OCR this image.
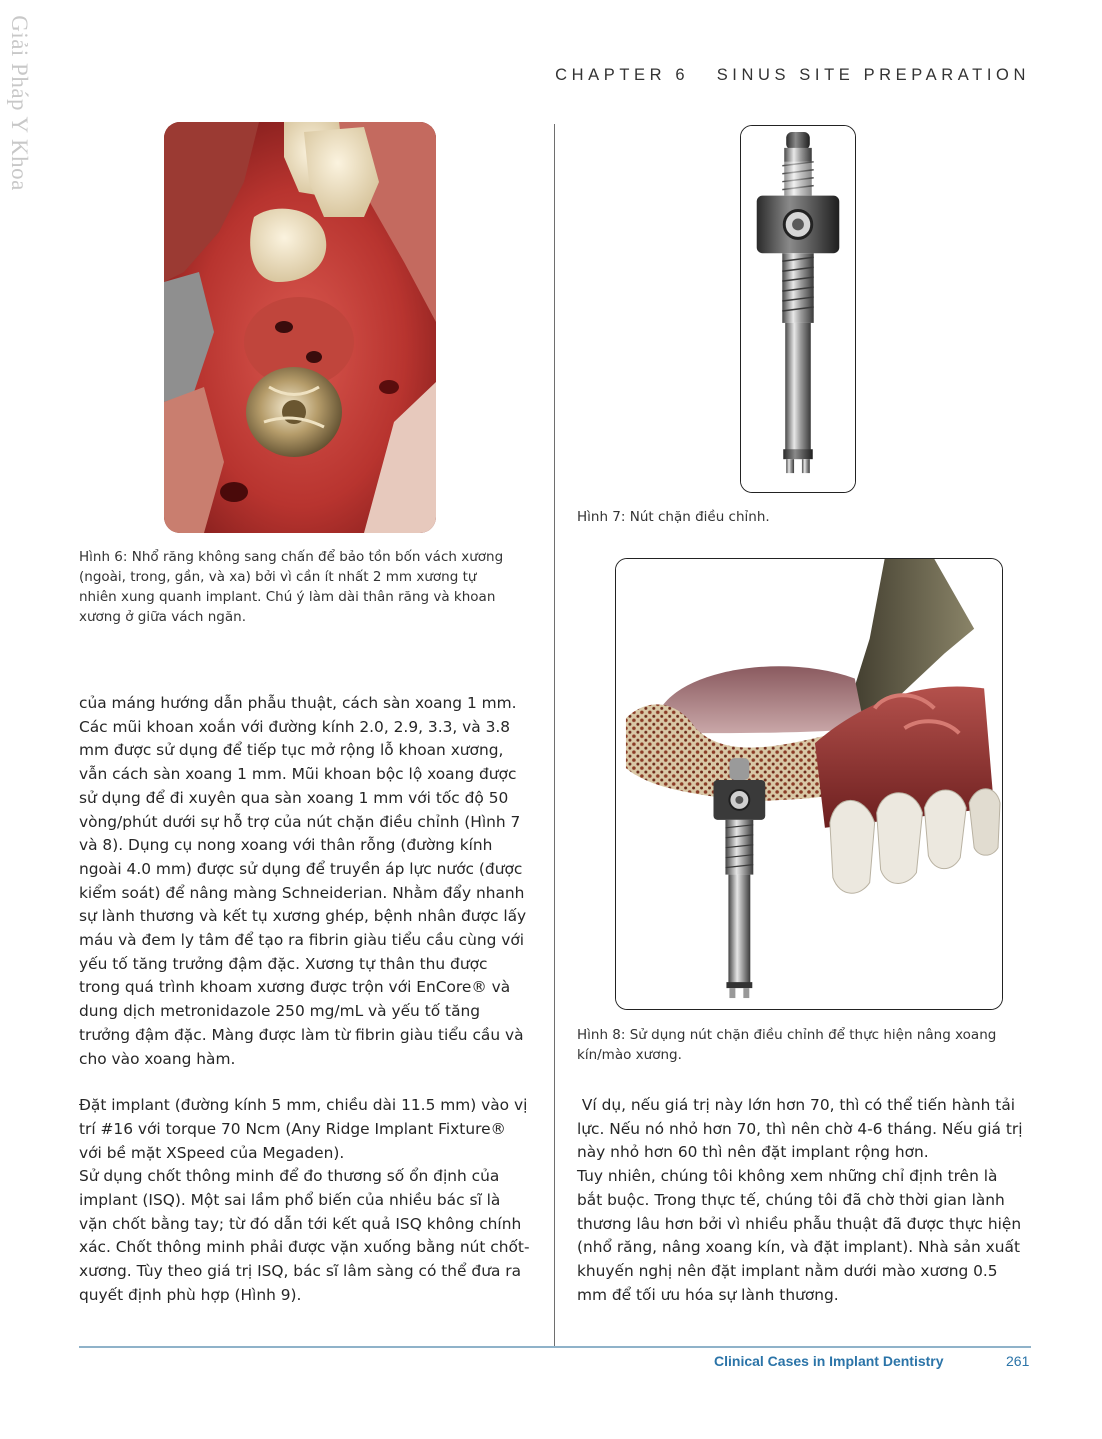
Giải Pháp Y Khoa	CHAPTER 6   SINUS SITE PREPARATION
Hình 6: Nhổ răng không sang chấn để bảo tồn bốn vách xương (ngoài, trong, gần, và xa) bởi vì cần ít nhất 2 mm xương tự nhiên xung quanh implant. Chú ý làm dài thân răng và khoan xương ở giữa vách ngăn.
Hình 7: Nút chặn điều chỉnh.
Hình 8: Sử dụng nút chặn điều chỉnh để thực hiện nâng xoang kín/mào xương.

của máng hướng dẫn phẫu thuật, cách sàn xoang 1 mm. Các mũi khoan xoắn với đường kính 2.0, 2.9, 3.3, và 3.8 mm được sử dụng để tiếp tục mở rộng lỗ khoan xương, vẫn cách sàn xoang 1 mm. Mũi khoan bộc lộ xoang được sử dụng để đi xuyên qua sàn xoang 1 mm với tốc độ 50 vòng/phút dưới sự hỗ trợ của nút chặn điều chỉnh (Hình 7 và 8). Dụng cụ nong xoang với thân rỗng (đường kính ngoài 4.0 mm) được sử dụng để truyền áp lực nước (được kiểm soát) để nâng màng Schneiderian. Nhằm đẩy nhanh sự lành thương và kết tụ xương ghép, bệnh nhân được lấy máu và đem ly tâm để tạo ra fibrin giàu tiểu cầu cùng với yếu tố tăng trưởng đậm đặc. Xương tự thân thu được trong quá trình khoam xương được trộn với EnCore® và dung dịch metronidazole 250 mg/mL và yếu tố tăng trưởng đậm đặc. Màng được làm từ fibrin giàu tiểu cầu và cho vào xoang hàm.

Đặt implant (đường kính 5 mm, chiều dài 11.5 mm) vào vị trí #16 với torque 70 Ncm (Any Ridge Implant Fixture® với bề mặt XSpeed của Megaden).

Sử dụng chốt thông minh để đo thương số ổn định của implant (ISQ). Một sai lầm phổ biến của nhiều bác sĩ là vặn chốt bằng tay; từ đó dẫn tới kết quả ISQ không chính xác. Chốt thông minh phải được vặn xuống bằng nút chốt-xương. Tùy theo giá trị ISQ, bác sĩ lâm sàng có thể đưa ra quyết định phù hợp (Hình 9).

Ví dụ, nếu giá trị này lớn hơn 70, thì có thể tiến hành tải lực. Nếu nó nhỏ hơn 70, thì nên chờ 4-6 tháng. Nếu giá trị này nhỏ hơn 60 thì nên đặt implant rộng hơn.

Tuy nhiên, chúng tôi không xem những chỉ định trên là bắt buộc. Trong thực tế, chúng tôi đã chờ thời gian lành thương lâu hơn bởi vì nhiều phẫu thuật đã được thực hiện (nhổ răng, nâng xoang kín, và đặt implant). Nhà sản xuất khuyến nghị nên đặt implant nằm dưới mào xương 0.5 mm để tối ưu hóa sự lành thương.

Clinical Cases in Implant Dentistry	261
